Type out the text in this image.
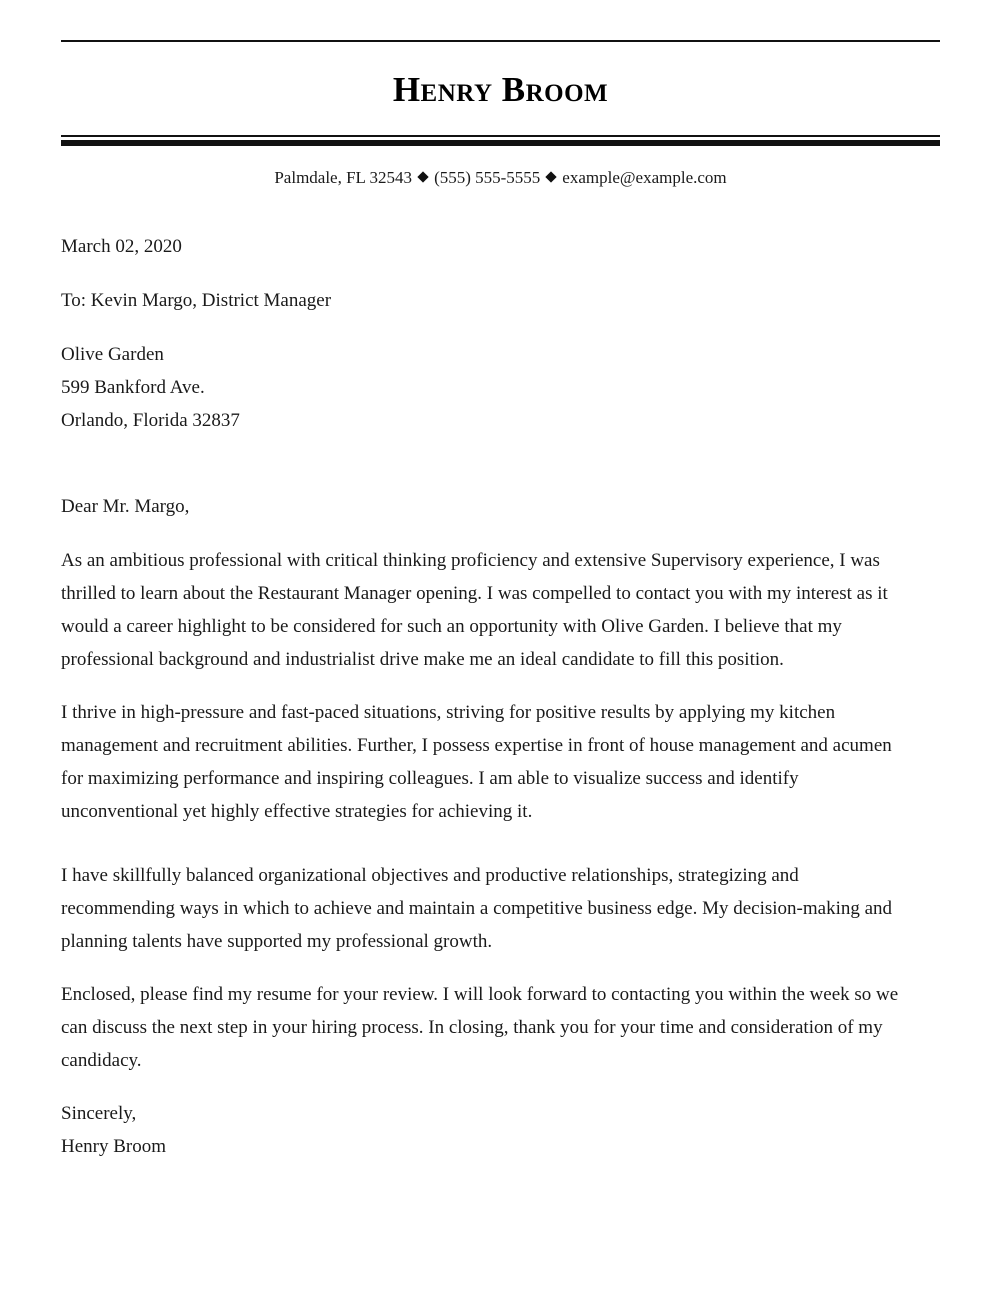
Henry Broom
Palmdale, FL 32543 (555) 555-5555 example@example.com
March 02, 2020
To: Kevin Margo, District Manager
Olive Garden
599 Bankford Ave.
Orlando, Florida 32837
Dear Mr. Margo,
As an ambitious professional with critical thinking proficiency and extensive Supervisory experience, I was
thrilled to learn about the Restaurant Manager opening. I was compelled to contact you with my interest as it
would a career highlight to be considered for such an opportunity with Olive Garden. I believe that my
professional background and industrialist drive make me an ideal candidate to fill this position.
I thrive in high-pressure and fast-paced situations, striving for positive results by applying my kitchen
management and recruitment abilities. Further, I possess expertise in front of house management and acumen
for maximizing performance and inspiring colleagues. I am able to visualize success and identify
unconventional yet highly effective strategies for achieving it.
I have skillfully balanced organizational objectives and productive relationships, strategizing and
recommending ways in which to achieve and maintain a competitive business edge. My decision-making and
planning talents have supported my professional growth.
Enclosed, please find my resume for your review. I will look forward to contacting you within the week so we
can discuss the next step in your hiring process. In closing, thank you for your time and consideration of my
candidacy.
Sincerely,
Henry Broom
